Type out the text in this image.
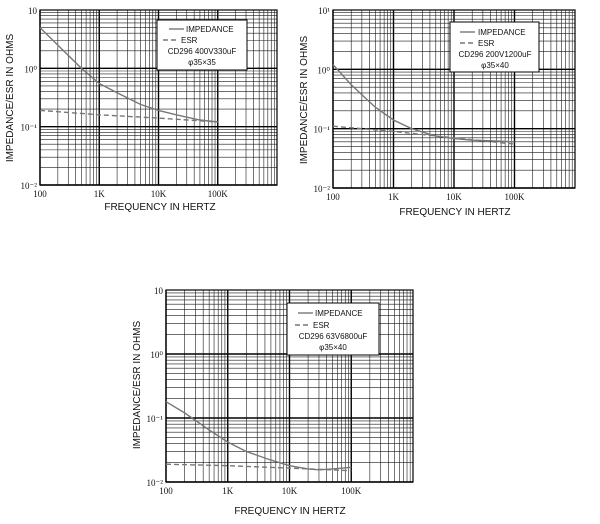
100	1K	10K	100K
10
10⁰
10⁻¹
10⁻²
FREQUENCY IN HERTZ
IMPEDANCE/ESR IN OHMS
IMPEDANCE
ESR
CD296 400V330uF
φ35×35
100	1K	10K	100K
10¹
10⁰
10⁻¹
10⁻²
FREQUENCY IN HERTZ
IMPEDANCE/ESR IN OHMS
IMPEDANCE
ESR
CD296 200V1200uF
φ35×40
100	1K	10K	100K
10
10⁰
10⁻¹
10⁻²
FREQUENCY IN HERTZ
IMPEDANCE/ESR IN OHMS
IMPEDANCE
ESR
CD296 63V6800uF
φ35×40
